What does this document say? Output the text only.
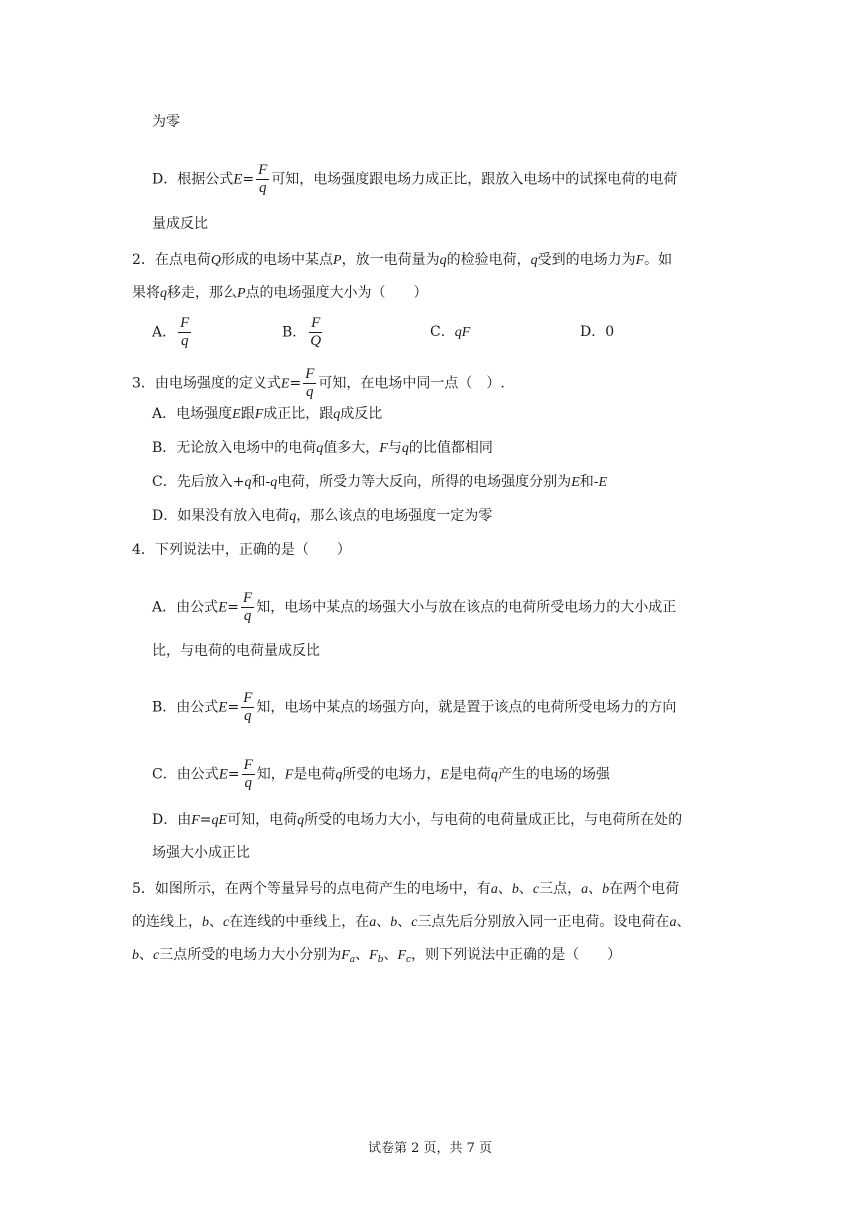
为零
D．根据公式$E= \frac{F}{q}$ 可知，电场强度跟电场力成正比，跟放入电场中的试探电荷的电荷
量成反比
2．在点电荷Q形成的电场中某点P，放一电荷量为q的检验电荷，q受到的电场力为F。如
果将q移走，那么P点的电场强度大小为（　　）
A． $\frac{F}{q}$	B． $\frac{F}{Q}$	C．qF	D．0
3．由电场强度的定义式$E= \frac{F}{q}$ 可知，在电场中同一点（　）.
A．电场强度E跟F成正比，跟q成反比
B．无论放入电场中的电荷q值多大，F与q的比值都相同
C．先后放入+q和-q电荷，所受力等大反向，所得的电场强度分别为E和-E
D．如果没有放入电荷q，那么该点的电场强度一定为零
4．下列说法中，正确的是（　　）
A．由公式$E= \frac{F}{q}$ 知，电场中某点的场强大小与放在该点的电荷所受电场力的大小成正
比，与电荷的电荷量成反比
B．由公式$E= \frac{F}{q}$ 知，电场中某点的场强方向，就是置于该点的电荷所受电场力的方向
C．由公式$E= \frac{F}{q}$ 知，F是电荷q所受的电场力，E是电荷q产生的电场的场强
D．由F=qE可知，电荷q所受的电场力大小，与电荷的电荷量成正比，与电荷所在处的
场强大小成正比
5．如图所示，在两个等量异号的点电荷产生的电场中，有a、b、c三点，a、b在两个电荷
的连线上，b、c在连线的中垂线上，在a、b、c三点先后分别放入同一正电荷。设电荷在a、
b、c三点所受的电场力大小分别为$F_a$、$F_b$、$F_c$，则下列说法中正确的是（　　）
试卷第 2 页，共 7 页
